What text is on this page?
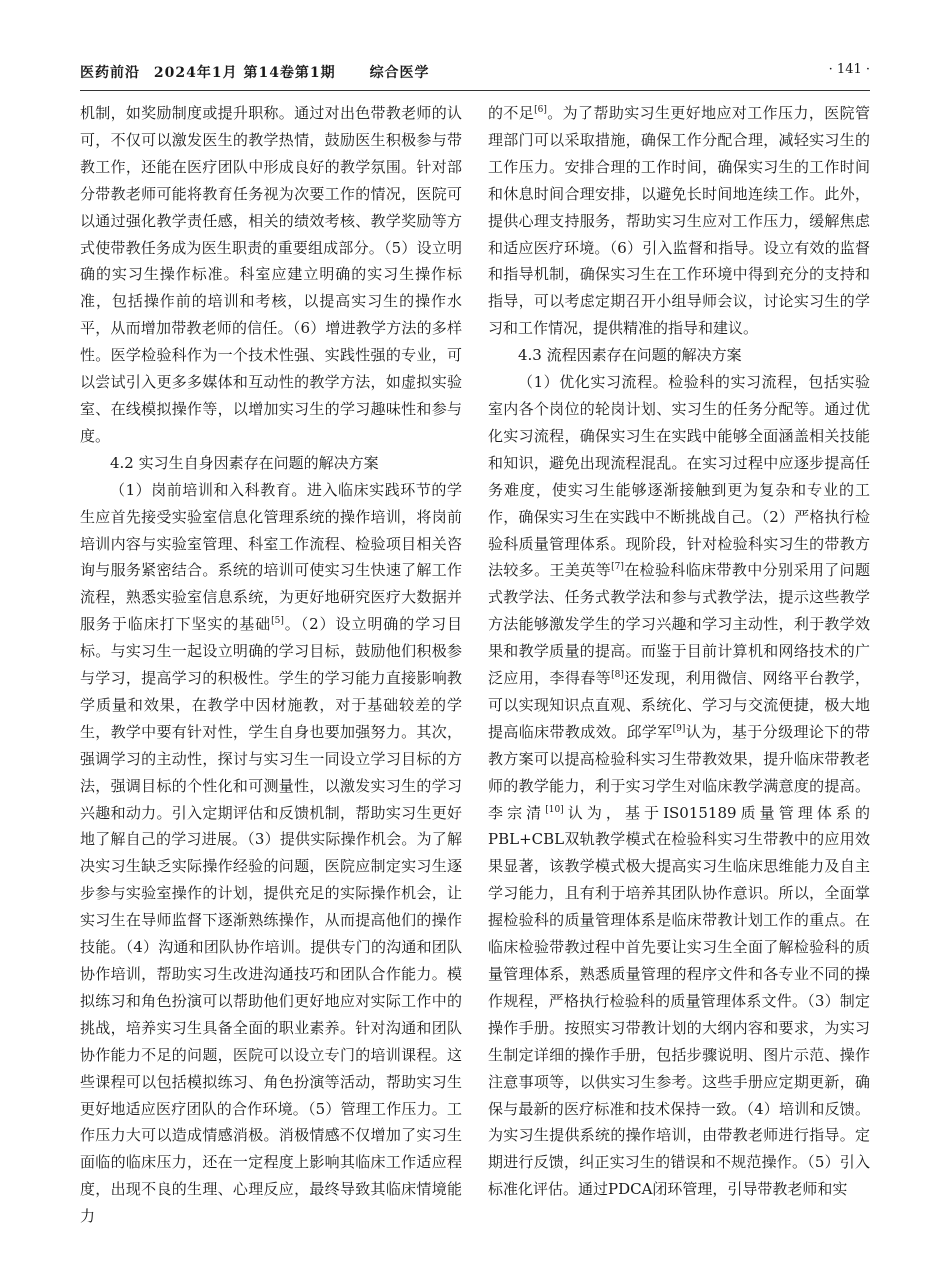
医药前沿 2024年1月 第14卷第1期 综合医学	· 141 ·

机制，如奖励制度或提升职称。通过对出色带教老师的认可，不仅可以激发医生的教学热情，鼓励医生积极参与带教工作，还能在医疗团队中形成良好的教学氛围。针对部分带教老师可能将教育任务视为次要工作的情况，医院可以通过强化教学责任感，相关的绩效考核、教学奖励等方式使带教任务成为医生职责的重要组成部分。（5）设立明确的实习生操作标准。科室应建立明确的实习生操作标准，包括操作前的培训和考核，以提高实习生的操作水平，从而增加带教老师的信任。（6）增进教学方法的多样性。医学检验科作为一个技术性强、实践性强的专业，可以尝试引入更多多媒体和互动性的教学方法，如虚拟实验室、在线模拟操作等，以增加实习生的学习趣味性和参与度。

4.2 实习生自身因素存在问题的解决方案

（1）岗前培训和入科教育。进入临床实践环节的学生应首先接受实验室信息化管理系统的操作培训，将岗前培训内容与实验室管理、科室工作流程、检验项目相关咨询与服务紧密结合。系统的培训可使实习生快速了解工作流程，熟悉实验室信息系统，为更好地研究医疗大数据并服务于临床打下坚实的基础[5]。（2）设立明确的学习目标。与实习生一起设立明确的学习目标，鼓励他们积极参与学习，提高学习的积极性。学生的学习能力直接影响教学质量和效果，在教学中因材施教，对于基础较差的学生，教学中要有针对性，学生自身也要加强努力。其次，强调学习的主动性，探讨与实习生一同设立学习目标的方法，强调目标的个性化和可测量性，以激发实习生的学习兴趣和动力。引入定期评估和反馈机制，帮助实习生更好地了解自己的学习进展。（3）提供实际操作机会。为了解决实习生缺乏实际操作经验的问题，医院应制定实习生逐步参与实验室操作的计划，提供充足的实际操作机会，让实习生在导师监督下逐渐熟练操作，从而提高他们的操作技能。（4）沟通和团队协作培训。提供专门的沟通和团队协作培训，帮助实习生改进沟通技巧和团队合作能力。模拟练习和角色扮演可以帮助他们更好地应对实际工作中的挑战，培养实习生具备全面的职业素养。针对沟通和团队协作能力不足的问题，医院可以设立专门的培训课程。这些课程可以包括模拟练习、角色扮演等活动，帮助实习生更好地适应医疗团队的合作环境。（5）管理工作压力。工作压力大可以造成情感消极。消极情感不仅增加了实习生面临的临床压力，还在一定程度上影响其临床工作适应程度，出现不良的生理、心理反应，最终导致其临床情境能力

的不足[6]。为了帮助实习生更好地应对工作压力，医院管理部门可以采取措施，确保工作分配合理，减轻实习生的工作压力。安排合理的工作时间，确保实习生的工作时间和休息时间合理安排，以避免长时间地连续工作。此外，提供心理支持服务，帮助实习生应对工作压力，缓解焦虑和适应医疗环境。（6）引入监督和指导。设立有效的监督和指导机制，确保实习生在工作环境中得到充分的支持和指导，可以考虑定期召开小组导师会议，讨论实习生的学习和工作情况，提供精准的指导和建议。

4.3 流程因素存在问题的解决方案

（1）优化实习流程。检验科的实习流程，包括实验室内各个岗位的轮岗计划、实习生的任务分配等。通过优化实习流程，确保实习生在实践中能够全面涵盖相关技能和知识，避免出现流程混乱。在实习过程中应逐步提高任务难度，使实习生能够逐渐接触到更为复杂和专业的工作，确保实习生在实践中不断挑战自己。（2）严格执行检验科质量管理体系。现阶段，针对检验科实习生的带教方法较多。王美英等[7]在检验科临床带教中分别采用了问题式教学法、任务式教学法和参与式教学法，提示这些教学方法能够激发学生的学习兴趣和学习主动性，利于教学效果和教学质量的提高。而鉴于目前计算机和网络技术的广泛应用，李得春等[8]还发现，利用微信、网络平台教学，可以实现知识点直观、系统化、学习与交流便捷，极大地提高临床带教成效。邱学军[9]认为，基于分级理论下的带教方案可以提高检验科实习生带教效果，提升临床带教老师的教学能力，利于实习学生对临床教学满意度的提高。李宗清[10]认为，基于IS015189质量管理体系的PBL+CBL双轨教学模式在检验科实习生带教中的应用效果显著，该教学模式极大提高实习生临床思维能力及自主学习能力，且有利于培养其团队协作意识。所以，全面掌握检验科的质量管理体系是临床带教计划工作的重点。在临床检验带教过程中首先要让实习生全面了解检验科的质量管理体系，熟悉质量管理的程序文件和各专业不同的操作规程，严格执行检验科的质量管理体系文件。（3）制定操作手册。按照实习带教计划的大纲内容和要求，为实习生制定详细的操作手册，包括步骤说明、图片示范、操作注意事项等，以供实习生参考。这些手册应定期更新，确保与最新的医疗标准和技术保持一致。（4）培训和反馈。为实习生提供系统的操作培训，由带教老师进行指导。定期进行反馈，纠正实习生的错误和不规范操作。（5）引入标准化评估。通过PDCA闭环管理，引导带教老师和实
